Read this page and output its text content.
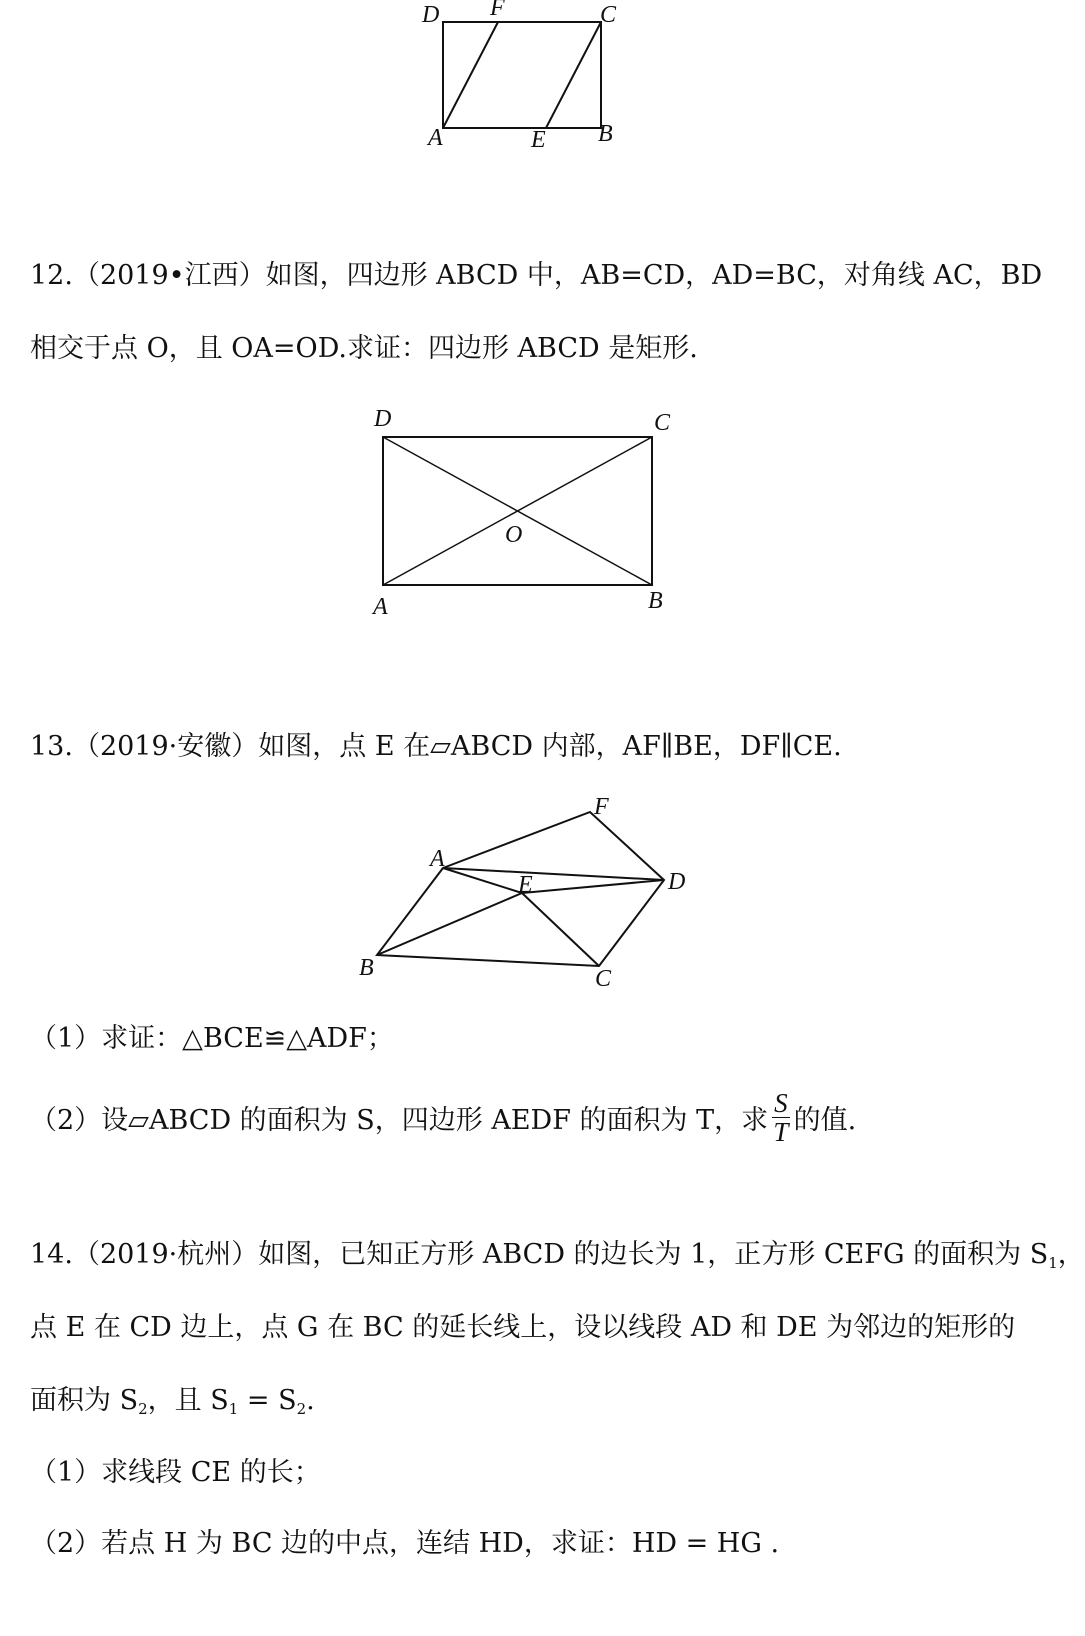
D F	C
A	E B
12.（2019•江西）如图，四边形 ABCD 中，AB=CD，AD=BC，对角线 AC，BD
相交于点 O，且 OA=OD.求证：四边形 ABCD 是矩形.
D	C
O
A	B
13.（2019·安徽）如图，点 E 在▱ABCD 内部，AF∥BE，DF∥CE.
F
A
E	D
B	C
（1）求证：△BCE≌△ADF；
（2）设▱ABCD 的面积为 S，四边形 AEDF 的面积为 T，求 $\frac{S}{T}$ 的值.
14.（2019·杭州）如图，已知正方形 ABCD 的边长为 1，正方形 CEFG 的面积为 $S_1$，
点 E 在 CD 边上，点 G 在 BC 的延长线上，设以线段 AD 和 DE 为邻边的矩形的
面积为 $S_2$，且 $S_1 = S_2$.
（1）求线段 CE 的长；
（2）若点 H 为 BC 边的中点，连结 HD，求证：HD = HG .
